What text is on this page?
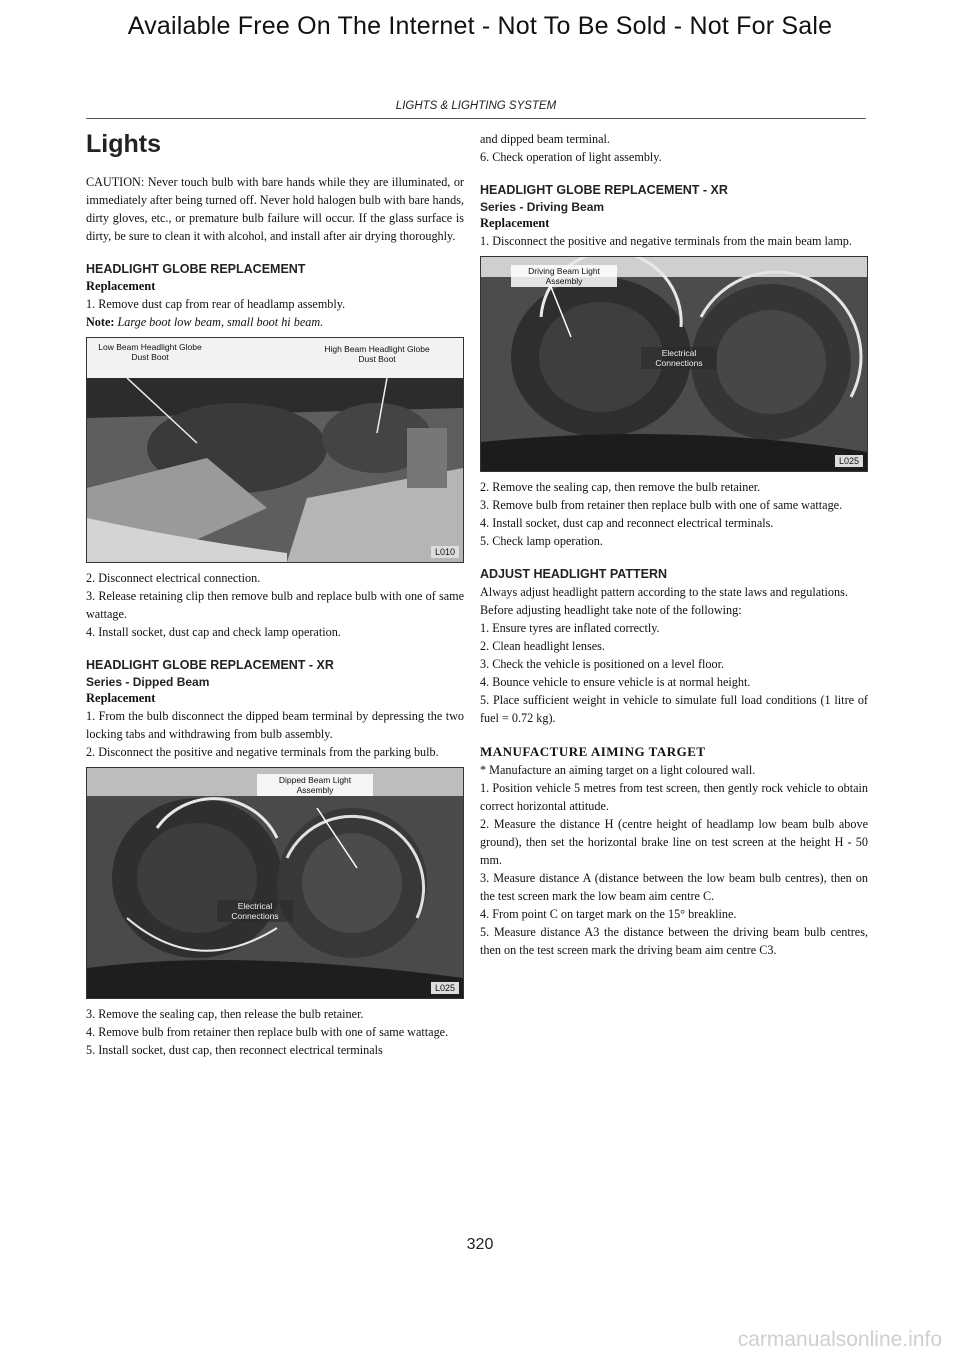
Available Free On The Internet - Not To Be Sold - Not For Sale
LIGHTS & LIGHTING SYSTEM
Lights

CAUTION: Never touch bulb with bare hands while they are illuminated, or immediately after being turned off. Never hold halogen bulb with bare hands, dirty gloves, etc., or premature bulb failure will occur. If the glass surface is dirty, be sure to clean it with alcohol, and install after air drying thoroughly.

HEADLIGHT GLOBE REPLACEMENT
Replacement

1. Remove dust cap from rear of headlamp assembly.

Note: Large boot low beam, small boot hi beam.

Low Beam Headlight Globe Dust Boot
High Beam Headlight Globe Dust Boot
L010

2. Disconnect electrical connection.

3. Release retaining clip then remove bulb and replace bulb with one of same wattage.

4. Install socket, dust cap and check lamp operation.

HEADLIGHT GLOBE REPLACEMENT - XR
Series - Dipped Beam
Replacement

1. From the bulb disconnect the dipped beam terminal by depressing the two locking tabs and withdrawing from bulb assembly.

2. Disconnect the positive and negative terminals from the parking bulb.

Dipped Beam Light Assembly
Electrical Connections
L025

3. Remove the sealing cap, then release the bulb retainer.

4. Remove bulb from retainer then replace bulb with one of same wattage.

5. Install socket, dust cap, then reconnect electrical terminals

and dipped beam terminal.

6. Check operation of light assembly.

HEADLIGHT GLOBE REPLACEMENT - XR
Series - Driving Beam
Replacement

1. Disconnect the positive and negative terminals from the main beam lamp.

Driving Beam Light Assembly
Electrical Connections
L025

2. Remove the sealing cap, then remove the bulb retainer.

3. Remove bulb from retainer then replace bulb with one of same wattage.

4. Install socket, dust cap and reconnect electrical terminals.

5. Check lamp operation.

ADJUST HEADLIGHT PATTERN

Always adjust headlight pattern according to the state laws and regulations.

Before adjusting headlight take note of the following:

1. Ensure tyres are inflated correctly.

2. Clean headlight lenses.

3. Check the vehicle is positioned on a level floor.

4. Bounce vehicle to ensure vehicle is at normal height.

5. Place sufficient weight in vehicle to simulate full load conditions (1 litre of fuel = 0.72 kg).

MANUFACTURE AIMING TARGET

* Manufacture an aiming target on a light coloured wall.

1. Position vehicle 5 metres from test screen, then gently rock vehicle to obtain correct horizontal attitude.

2. Measure the distance H (centre height of headlamp low beam bulb above ground), then set the horizontal brake line on test screen at the height H - 50 mm.

3. Measure distance A (distance between the low beam bulb centres), then on the test screen mark the low beam aim centre C.

4. From point C on target mark on the 15° breakline.

5. Measure distance A3 the distance between the driving beam bulb centres, then on the test screen mark the driving beam aim centre C3.

320
carmanualsonline.info
